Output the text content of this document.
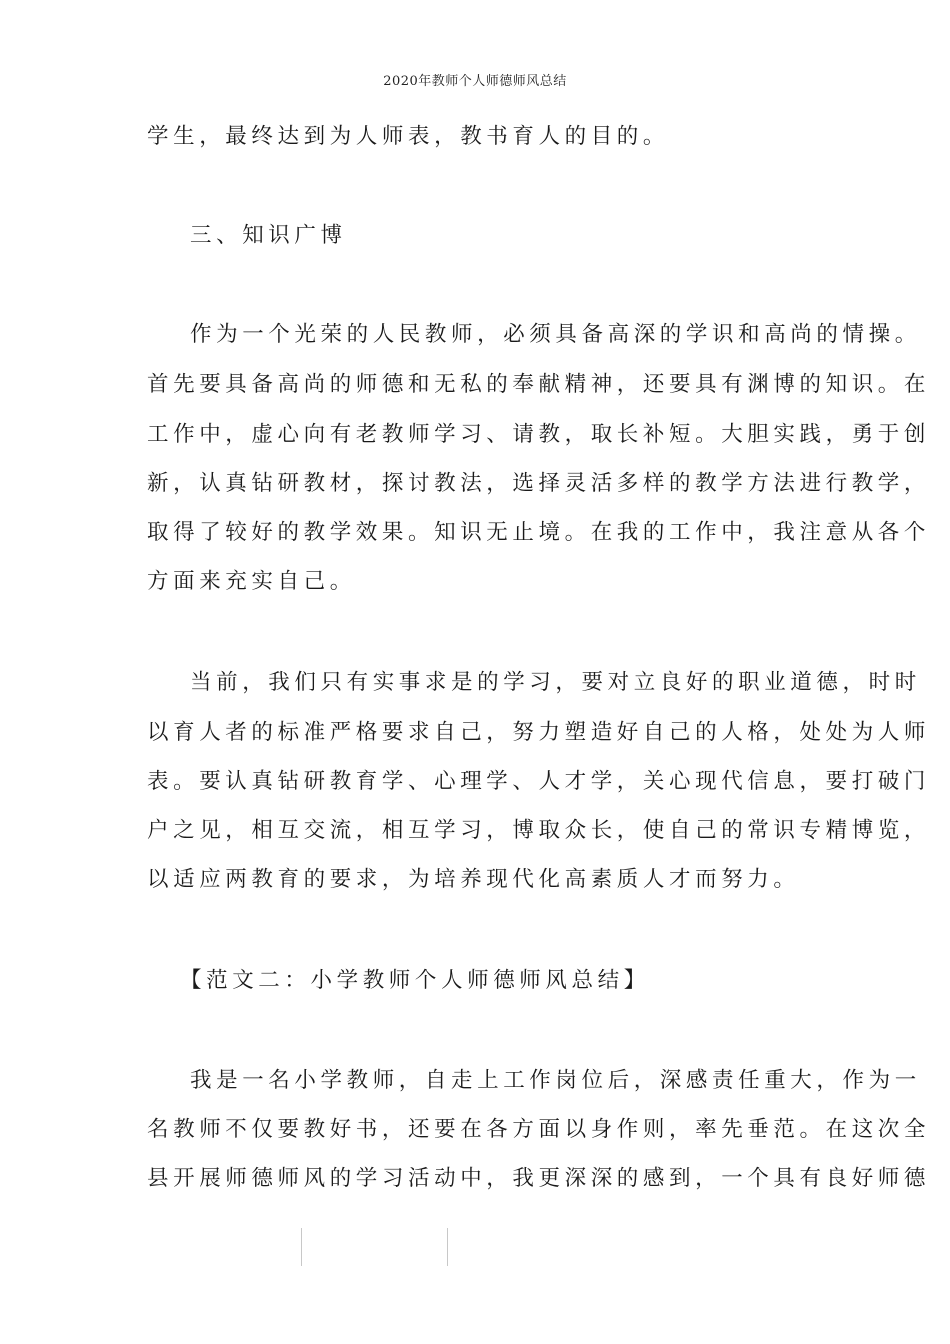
2020年教师个人师德师风总结
学生，最终达到为人师表，教书育人的目的。
三、知识广博
作为一个光荣的人民教师，必须具备高深的学识和高尚的情操。
首先要具备高尚的师德和无私的奉献精神，还要具有渊博的知识。在
工作中，虚心向有老教师学习、请教，取长补短。大胆实践，勇于创
新，认真钻研教材，探讨教法，选择灵活多样的教学方法进行教学，
取得了较好的教学效果。知识无止境。在我的工作中，我注意从各个
方面来充实自己。
当前，我们只有实事求是的学习，要对立良好的职业道德，时时
以育人者的标准严格要求自己，努力塑造好自己的人格，处处为人师
表。要认真钻研教育学、心理学、人才学，关心现代信息，要打破门
户之见，相互交流，相互学习，博取众长，使自己的常识专精博览，
以适应两教育的要求，为培养现代化高素质人才而努力。
【范文二：小学教师个人师德师风总结】
我是一名小学教师，自走上工作岗位后，深感责任重大，作为一
名教师不仅要教好书，还要在各方面以身作则，率先垂范。在这次全
县开展师德师风的学习活动中，我更深深的感到，一个具有良好师德
